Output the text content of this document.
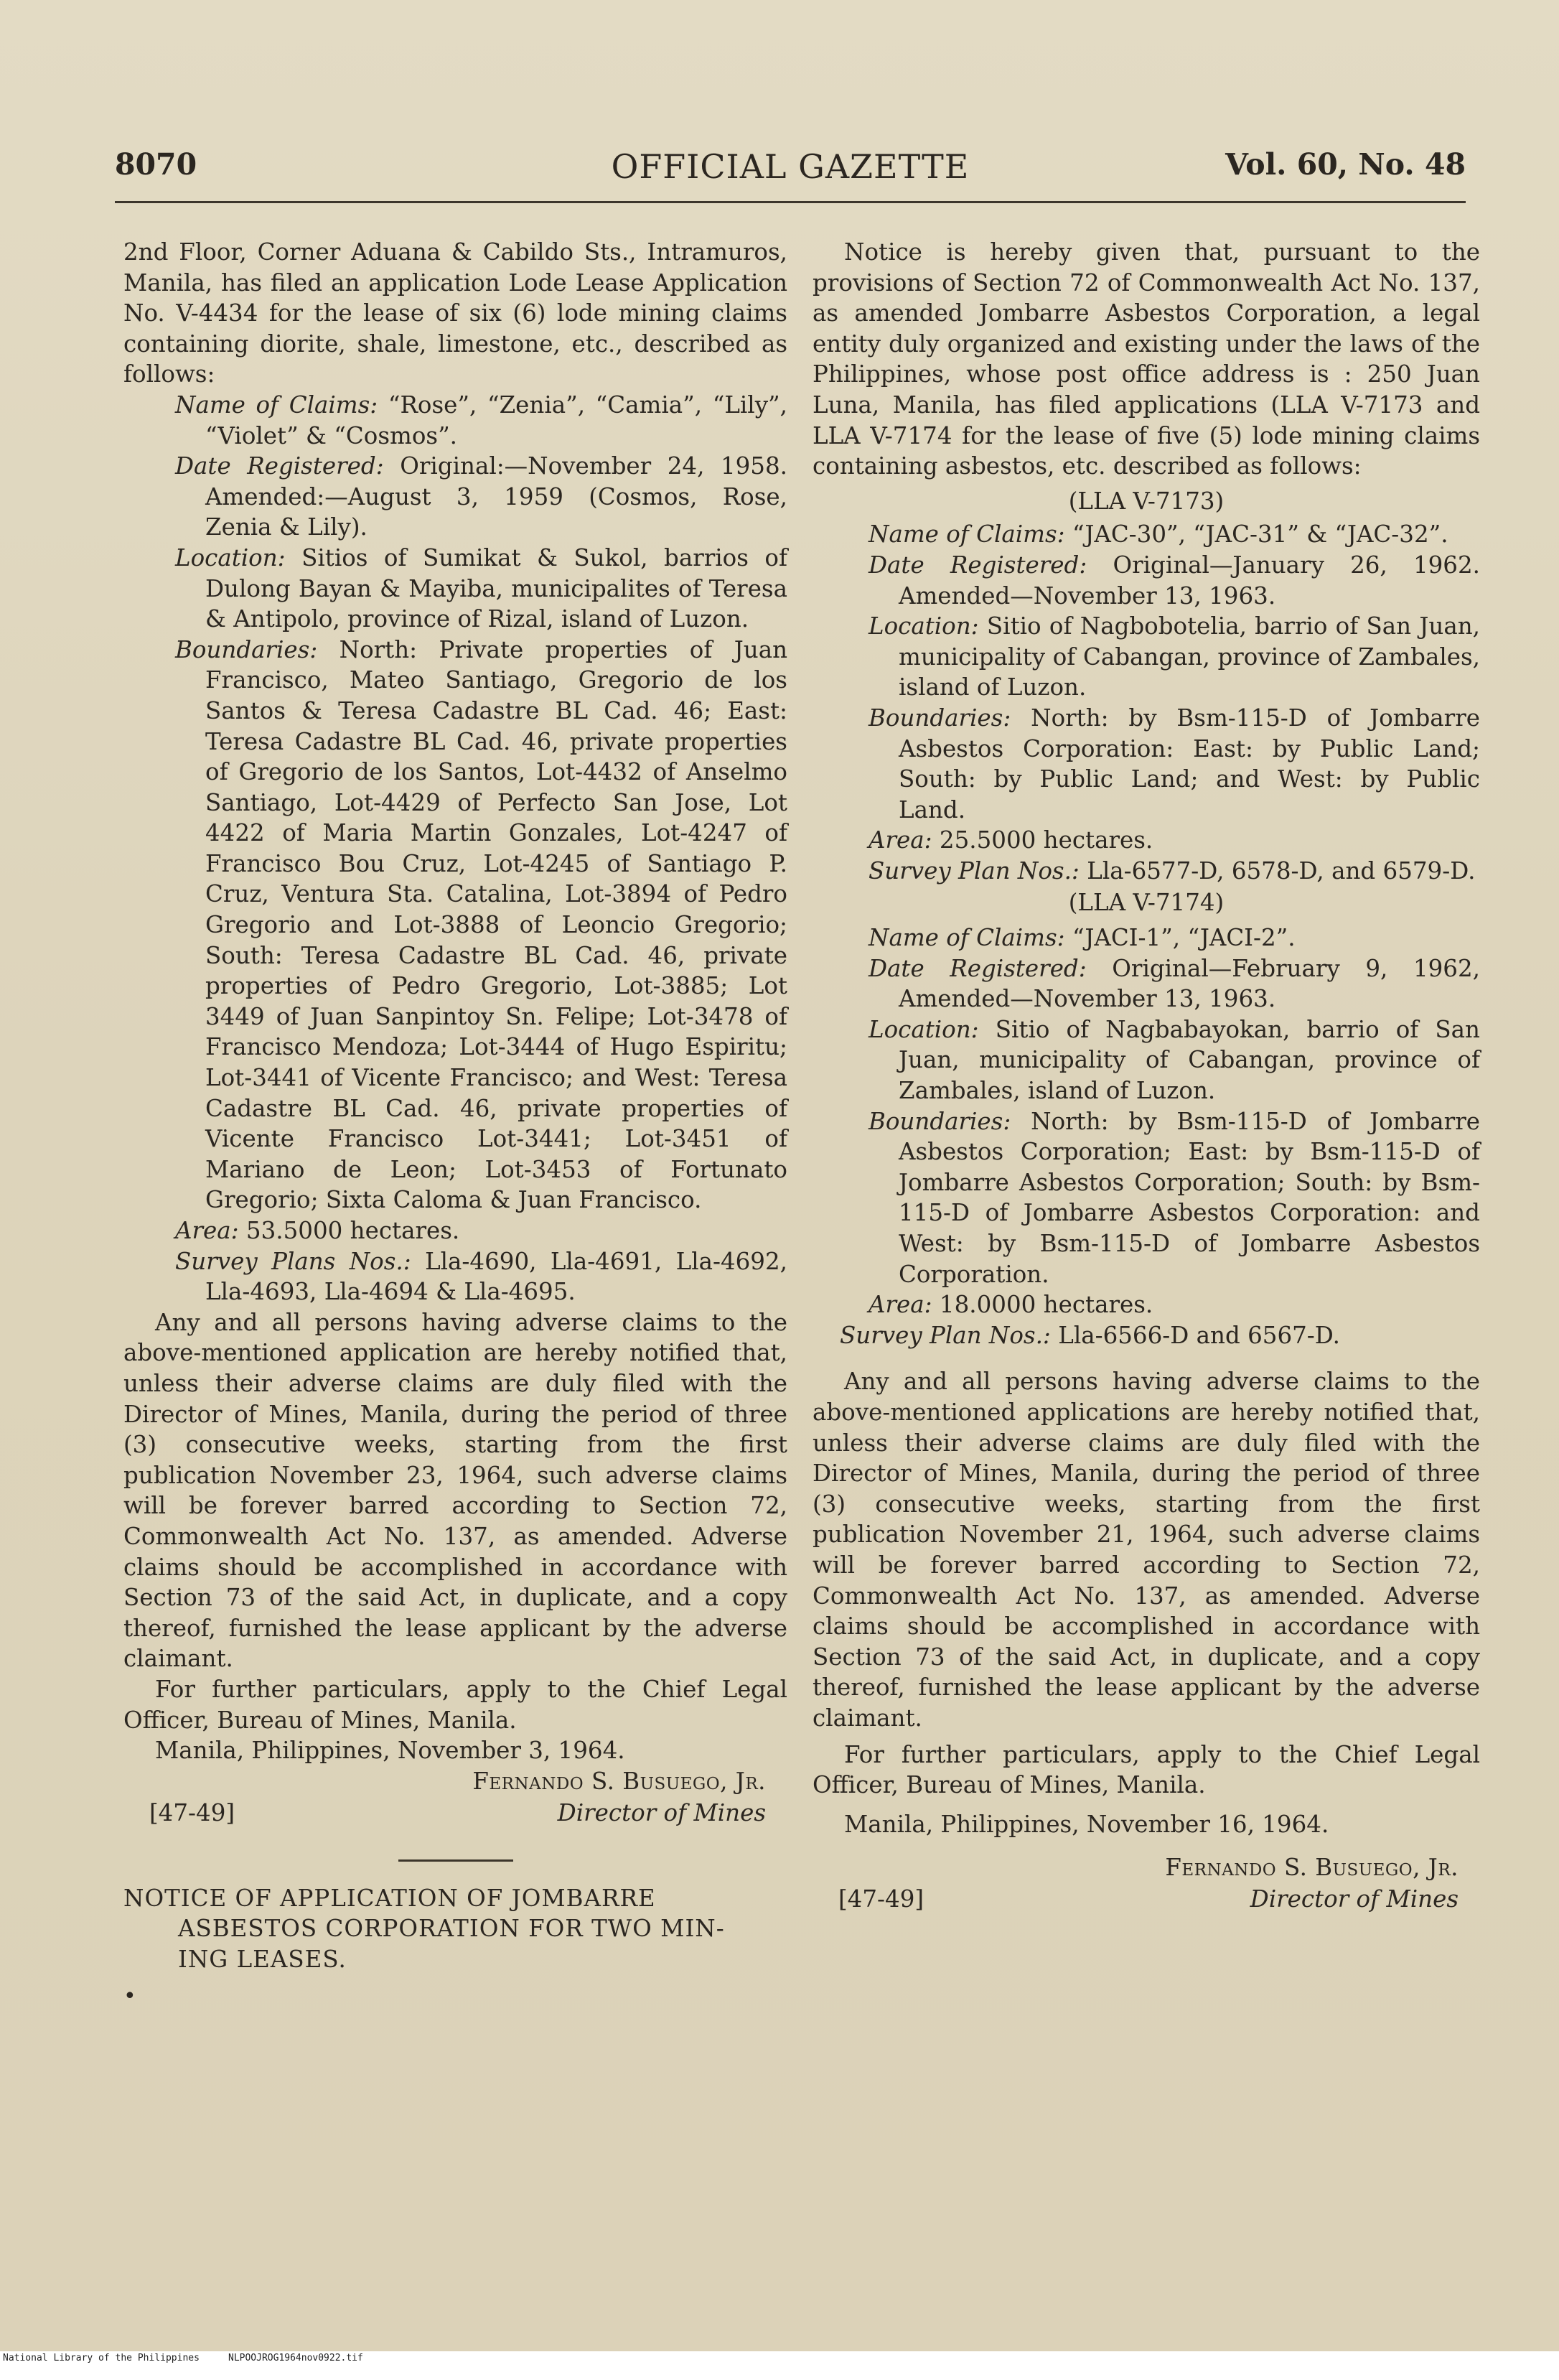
8070	OFFICIAL GAZETTE	Vol. 60, No. 48

2nd Floor, Corner Aduana & Cabildo Sts., Intramuros, Manila, has filed an application Lode Lease Application No. V-4434 for the lease of six (6) lode mining claims containing diorite, shale, limestone, etc., described as follows:

Name of Claims: “Rose”, “Zenia”, “Camia”, “Lily”, “Violet” & “Cosmos”.

Date Registered: Original:—November 24, 1958. Amended:—August 3, 1959 (Cosmos, Rose, Zenia & Lily).

Location: Sitios of Sumikat & Sukol, barrios of Dulong Bayan & Mayiba, municipalites of Teresa & Antipolo, province of Rizal, island of Luzon.

Boundaries: North: Private properties of Juan Francisco, Mateo Santiago, Gregorio de los Santos & Teresa Cadastre BL Cad. 46; East: Teresa Cadastre BL Cad. 46, private properties of Gregorio de los Santos, Lot-4432 of Anselmo Santiago, Lot-4429 of Perfecto San Jose, Lot 4422 of Maria Martin Gonzales, Lot-4247 of Francisco Bou Cruz, Lot-4245 of Santiago P. Cruz, Ventura Sta. Catalina, Lot-3894 of Pedro Gregorio and Lot-3888 of Leoncio Gregorio; South: Teresa Cadastre BL Cad. 46, private properties of Pedro Gregorio, Lot-3885; Lot 3449 of Juan Sanpintoy Sn. Felipe; Lot-3478 of Francisco Mendoza; Lot-3444 of Hugo Espiritu; Lot-3441 of Vicente Francisco; and West: Teresa Cadastre BL Cad. 46, private properties of Vicente Francisco Lot-3441; Lot-3451 of Mariano de Leon; Lot-3453 of Fortunato Gregorio; Sixta Caloma & Juan Francisco.

Area: 53.5000 hectares.

Survey Plans Nos.: Lla-4690, Lla-4691, Lla-4692, Lla-4693, Lla-4694 & Lla-4695.

Any and all persons having adverse claims to the above-mentioned application are hereby notified that, unless their adverse claims are duly filed with the Director of Mines, Manila, during the period of three (3) consecutive weeks, starting from the first publication November 23, 1964, such adverse claims will be forever barred according to Section 72, Commonwealth Act No. 137, as amended. Adverse claims should be accomplished in accordance with Section 73 of the said Act, in duplicate, and a copy thereof, furnished the lease applicant by the adverse claimant.

For further particulars, apply to the Chief Legal Officer, Bureau of Mines, Manila.

Manila, Philippines, November 3, 1964.

Fernando S. Busuego, Jr.
[47-49]	Director of Mines

NOTICE OF APPLICATION OF JOMBARRE

ASBESTOS CORPORATION FOR TWO MIN-

ING LEASES.

•

Notice is hereby given that, pursuant to the provisions of Section 72 of Commonwealth Act No. 137, as amended Jombarre Asbestos Corporation, a legal entity duly organized and existing under the laws of the Philippines, whose post office address is : 250 Juan Luna, Manila, has filed applications (LLA V-7173 and LLA V-7174 for the lease of five (5) lode mining claims containing asbestos, etc. described as follows:

(LLA V-7173)

Name of Claims: “JAC-30”, “JAC-31” & “JAC-32”.

Date Registered: Original—January 26, 1962. Amended—November 13, 1963.

Location: Sitio of Nagbobotelia, barrio of San Juan, municipality of Cabangan, province of Zambales, island of Luzon.

Boundaries: North: by Bsm-115-D of Jombarre Asbestos Corporation: East: by Public Land; South: by Public Land; and West: by Public Land.

Area: 25.5000 hectares.

Survey Plan Nos.: Lla-6577-D, 6578-D, and 6579-D.

(LLA V-7174)

Name of Claims: “JACI-1”, “JACI-2”.

Date Registered: Original—February 9, 1962, Amended—November 13, 1963.

Location: Sitio of Nagbabayokan, barrio of San Juan, municipality of Cabangan, province of Zambales, island of Luzon.

Boundaries: North: by Bsm-115-D of Jombarre Asbestos Corporation; East: by Bsm-115-D of Jombarre Asbestos Corporation; South: by Bsm-115-D of Jombarre Asbestos Corporation: and West: by Bsm-115-D of Jombarre Asbestos Corporation.

Area: 18.0000 hectares.

Survey Plan Nos.: Lla-6566-D and 6567-D.

Any and all persons having adverse claims to the above-mentioned applications are hereby notified that, unless their adverse claims are duly filed with the Director of Mines, Manila, during the period of three (3) consecutive weeks, starting from the first publication November 21, 1964, such adverse claims will be forever barred according to Section 72, Commonwealth Act No. 137, as amended. Adverse claims should be accomplished in accordance with Section 73 of the said Act, in duplicate, and a copy thereof, furnished the lease applicant by the adverse claimant.

For further particulars, apply to the Chief Legal Officer, Bureau of Mines, Manila.

Manila, Philippines, November 16, 1964.

Fernando S. Busuego, Jr.
[47-49]	Director of Mines
National Library of the Philippines	NLPOOJROG1964nov0922.tif
